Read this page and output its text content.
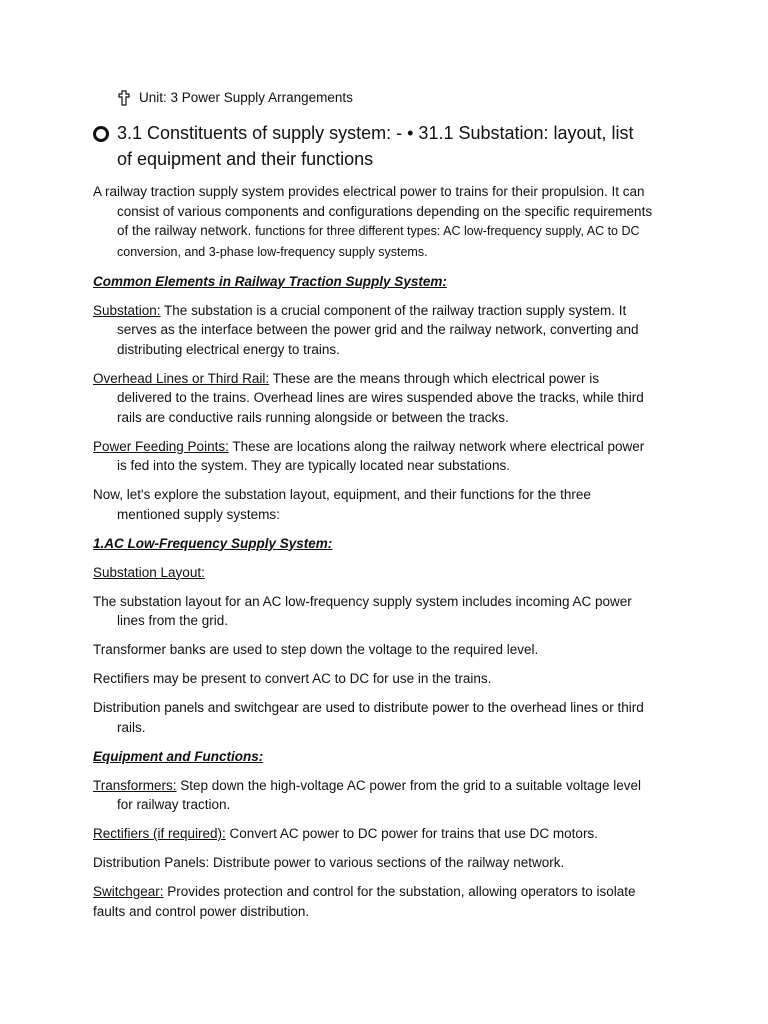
Unit: 3 Power Supply Arrangements
3.1 Constituents of supply system: - • 31.1 Substation: layout, list of equipment and their functions

A railway traction supply system provides electrical power to trains for their propulsion. It can consist of various components and configurations depending on the specific requirements of the railway network. functions for three different types: AC low-frequency supply, AC to DC conversion, and 3-phase low-frequency supply systems.

Common Elements in Railway Traction Supply System:

Substation: The substation is a crucial component of the railway traction supply system. It serves as the interface between the power grid and the railway network, converting and distributing electrical energy to trains.

Overhead Lines or Third Rail: These are the means through which electrical power is delivered to the trains. Overhead lines are wires suspended above the tracks, while third rails are conductive rails running alongside or between the tracks.

Power Feeding Points: These are locations along the railway network where electrical power is fed into the system. They are typically located near substations.

Now, let's explore the substation layout, equipment, and their functions for the three mentioned supply systems:

1.AC Low-Frequency Supply System:

Substation Layout:

The substation layout for an AC low-frequency supply system includes incoming AC power lines from the grid.

Transformer banks are used to step down the voltage to the required level.

Rectifiers may be present to convert AC to DC for use in the trains.

Distribution panels and switchgear are used to distribute power to the overhead lines or third rails.

Equipment and Functions:

Transformers: Step down the high-voltage AC power from the grid to a suitable voltage level for railway traction.

Rectifiers (if required): Convert AC power to DC power for trains that use DC motors.

Distribution Panels: Distribute power to various sections of the railway network.

Switchgear: Provides protection and control for the substation, allowing operators to isolate faults and control power distribution.
